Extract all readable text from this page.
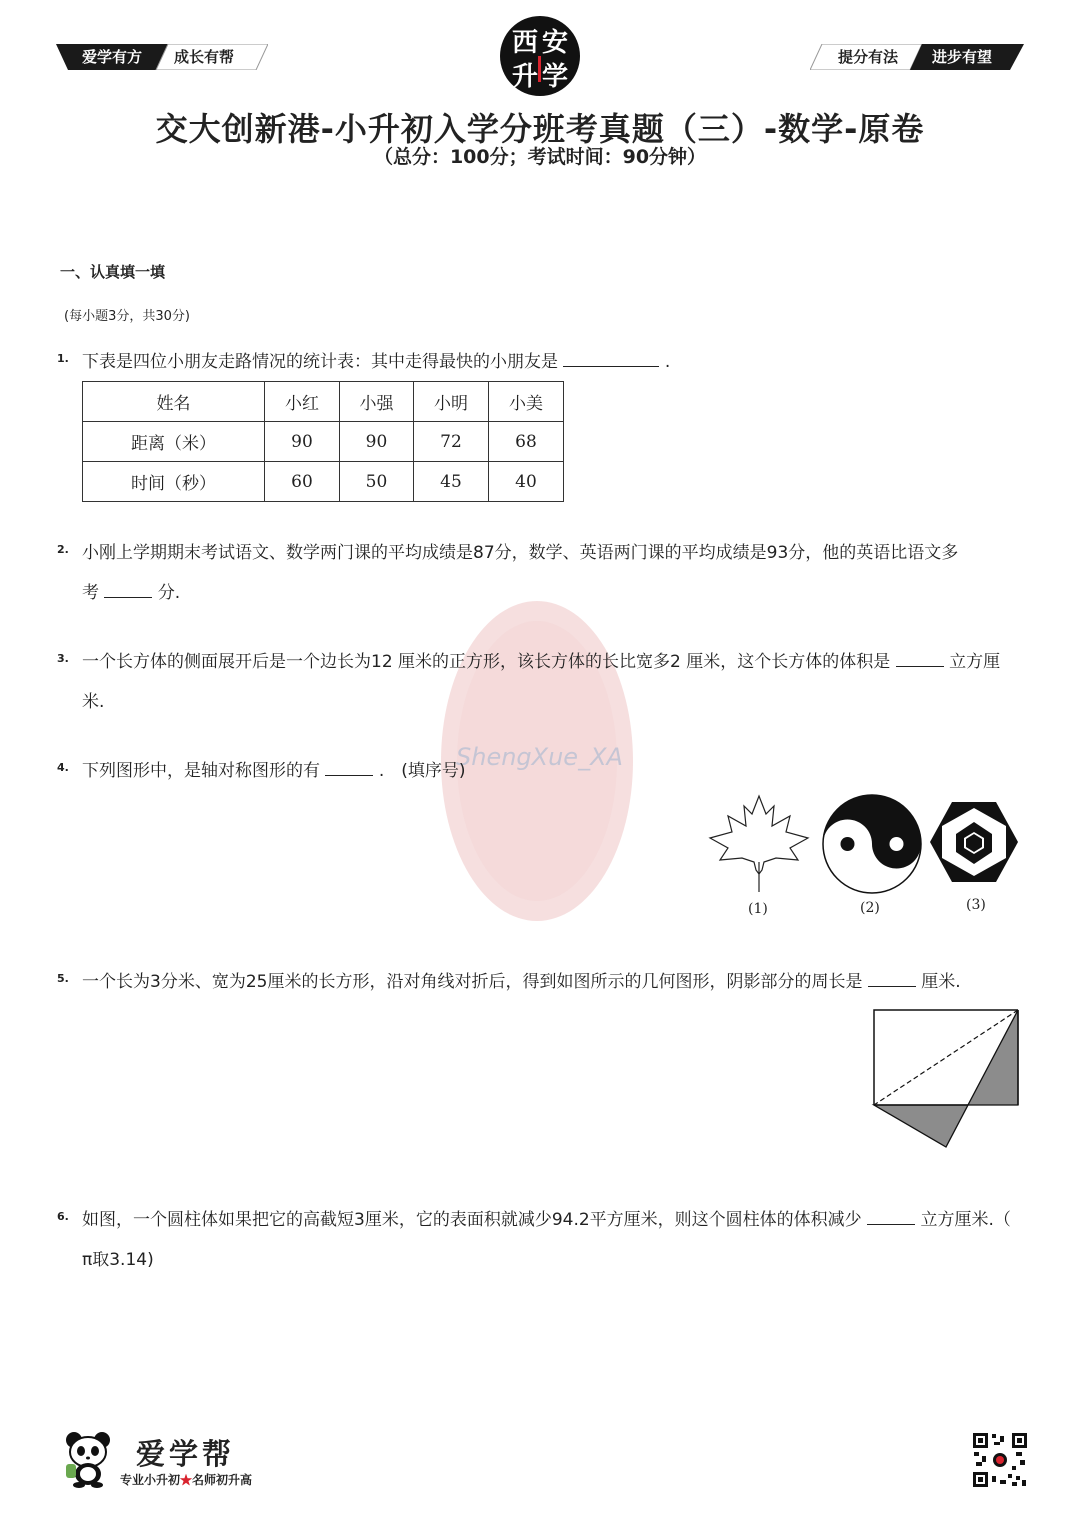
爱学有方 成长有帮	西 安
升 学
提分有法 进步有望
交大创新港-小升初入学分班考真题（三）-数学-原卷
（总分：100分；考试时间：90分钟）
ShengXue_XA
一、认真填一填
(每小题3分，共30分)
1. 下表是四位小朋友走路情况的统计表：其中走得最快的小朋友是	.
姓名	小红	小强	小明	小美
距离（米）	90	90	72	68
时间（秒）	60	50	45	40
2. 小刚上学期期末考试语文、数学两门课的平均成绩是87分，数学、英语两门课的平均成绩是93分，他的英语比语文多
考	分.
3. 一个长方体的侧面展开后是一个边长为12 厘米的正方形，该长方体的长比宽多2 厘米，这个长方体的体积是	立方厘
米.
4. 下列图形中，是轴对称图形的有	.　(填序号)
(1)	(2)	(3)
5. 一个长为3分米、宽为25厘米的长方形，沿对角线对折后，得到如图所示的几何图形，阴影部分的周长是	厘米.
6. 如图，一个圆柱体如果把它的高截短3厘米，它的表面积就减少94.2平方厘米，则这个圆柱体的体积减少	立方厘米.（
π取3.14)
爱学帮
专业小升初★名师初升高
